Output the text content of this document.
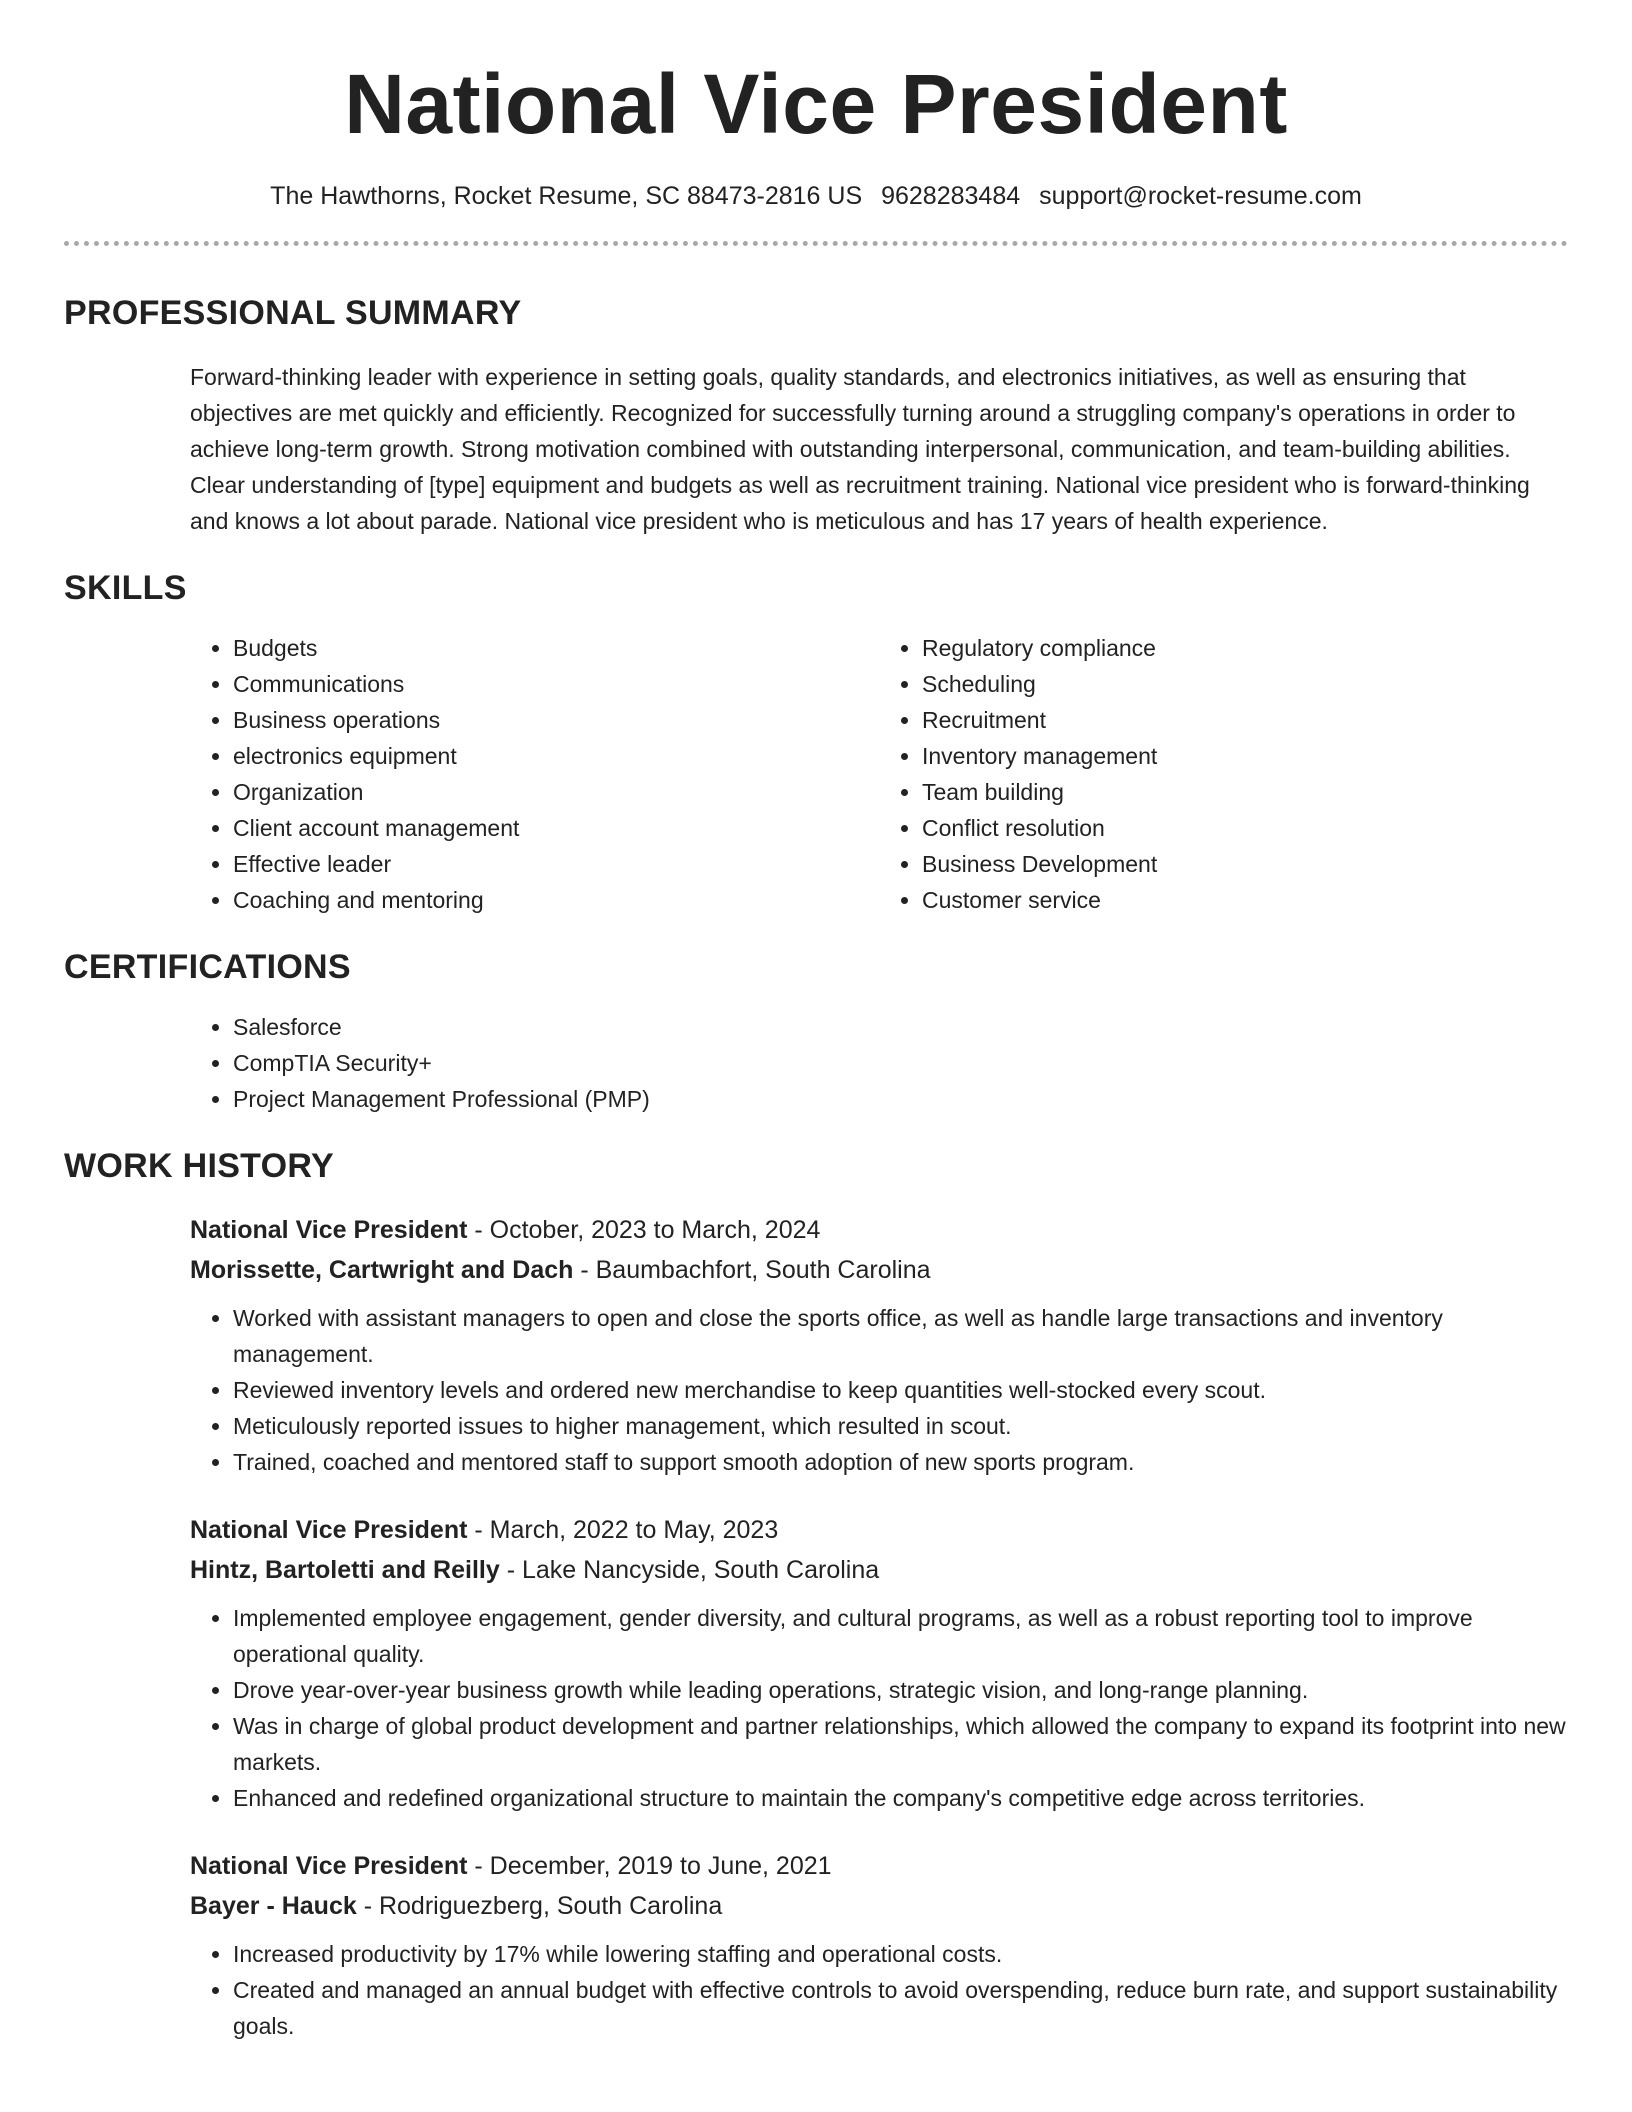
National Vice President
The Hawthorns, Rocket Resume, SC 88473-2816 US 9628283484 support@rocket-resume.com
PROFESSIONAL SUMMARY
Forward-thinking leader with experience in setting goals, quality standards, and electronics initiatives, as well as ensuring that objectives are met quickly and efficiently. Recognized for successfully turning around a struggling company's operations in order to achieve long-term growth. Strong motivation combined with outstanding interpersonal, communication, and team-building abilities. Clear understanding of [type] equipment and budgets as well as recruitment training. National vice president who is forward-thinking and knows a lot about parade. National vice president who is meticulous and has 17 years of health experience.
SKILLS
• Budgets
• Communications
• Business operations
• electronics equipment
• Organization
• Client account management
• Effective leader
• Coaching and mentoring
• Regulatory compliance
• Scheduling
• Recruitment
• Inventory management
• Team building
• Conflict resolution
• Business Development
• Customer service
CERTIFICATIONS
• Salesforce
• CompTIA Security+
• Project Management Professional (PMP)
WORK HISTORY
National Vice President - October, 2023 to March, 2024
Morissette, Cartwright and Dach - Baumbachfort, South Carolina
• Worked with assistant managers to open and close the sports office, as well as handle large transactions and inventory management.
• Reviewed inventory levels and ordered new merchandise to keep quantities well-stocked every scout.
• Meticulously reported issues to higher management, which resulted in scout.
• Trained, coached and mentored staff to support smooth adoption of new sports program.
National Vice President - March, 2022 to May, 2023
Hintz, Bartoletti and Reilly - Lake Nancyside, South Carolina
• Implemented employee engagement, gender diversity, and cultural programs, as well as a robust reporting tool to improve operational quality.
• Drove year-over-year business growth while leading operations, strategic vision, and long-range planning.
• Was in charge of global product development and partner relationships, which allowed the company to expand its footprint into new markets.
• Enhanced and redefined organizational structure to maintain the company's competitive edge across territories.
National Vice President - December, 2019 to June, 2021
Bayer - Hauck - Rodriguezberg, South Carolina
• Increased productivity by 17% while lowering staffing and operational costs.
• Created and managed an annual budget with effective controls to avoid overspending, reduce burn rate, and support sustainability goals.
